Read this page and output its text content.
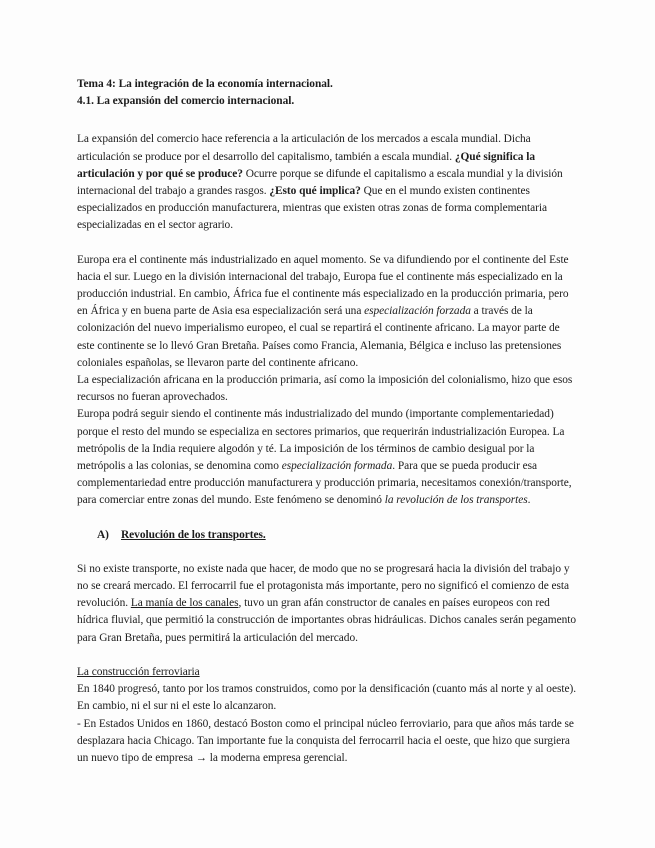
Tema 4: La integración de la economía internacional.

4.1. La expansión del comercio internacional.

La expansión del comercio hace referencia a la articulación de los mercados a escala mundial. Dicha articulación se produce por el desarrollo del capitalismo, también a escala mundial. ¿Qué significa la articulación y por qué se produce? Ocurre porque se difunde el capitalismo a escala mundial y la división internacional del trabajo a grandes rasgos. ¿Esto qué implica? Que en el mundo existen continentes especializados en producción manufacturera, mientras que existen otras zonas de forma complementaria especializadas en el sector agrario.

Europa era el continente más industrializado en aquel momento. Se va difundiendo por el continente del Este hacia el sur. Luego en la división internacional del trabajo, Europa fue el continente más especializado en la producción industrial. En cambio, África fue el continente más especializado en la producción primaria, pero en África y en buena parte de Asia esa especialización será una especialización forzada a través de la colonización del nuevo imperialismo europeo, el cual se repartirá el continente africano. La mayor parte de este continente se lo llevó Gran Bretaña. Países como Francia, Alemania, Bélgica e incluso las pretensiones coloniales españolas, se llevaron parte del continente africano.

La especialización africana en la producción primaria, así como la imposición del colonialismo, hizo que esos recursos no fueran aprovechados.

Europa podrá seguir siendo el continente más industrializado del mundo (importante complementariedad) porque el resto del mundo se especializa en sectores primarios, que requerirán industrialización Europea. La metrópolis de la India requiere algodón y té. La imposición de los términos de cambio desigual por la metrópolis a las colonias, se denomina como especialización formada. Para que se pueda producir esa complementariedad entre producción manufacturera y producción primaria, necesitamos conexión/transporte, para comerciar entre zonas del mundo. Este fenómeno se denominó la revolución de los transportes.

A) Revolución de los transportes.

Si no existe transporte, no existe nada que hacer, de modo que no se progresará hacia la división del trabajo y no se creará mercado. El ferrocarril fue el protagonista más importante, pero no significó el comienzo de esta revolución. La manía de los canales, tuvo un gran afán constructor de canales en países europeos con red hídrica fluvial, que permitió la construcción de importantes obras hidráulicas. Dichos canales serán pegamento para Gran Bretaña, pues permitirá la articulación del mercado.

La construcción ferroviaria

En 1840 progresó, tanto por los tramos construidos, como por la densificación (cuanto más al norte y al oeste). En cambio, ni el sur ni el este lo alcanzaron.

- En Estados Unidos en 1860, destacó Boston como el principal núcleo ferroviario, para que años más tarde se desplazara hacia Chicago. Tan importante fue la conquista del ferrocarril hacia el oeste, que hizo que surgiera un nuevo tipo de empresa → la moderna empresa gerencial.
